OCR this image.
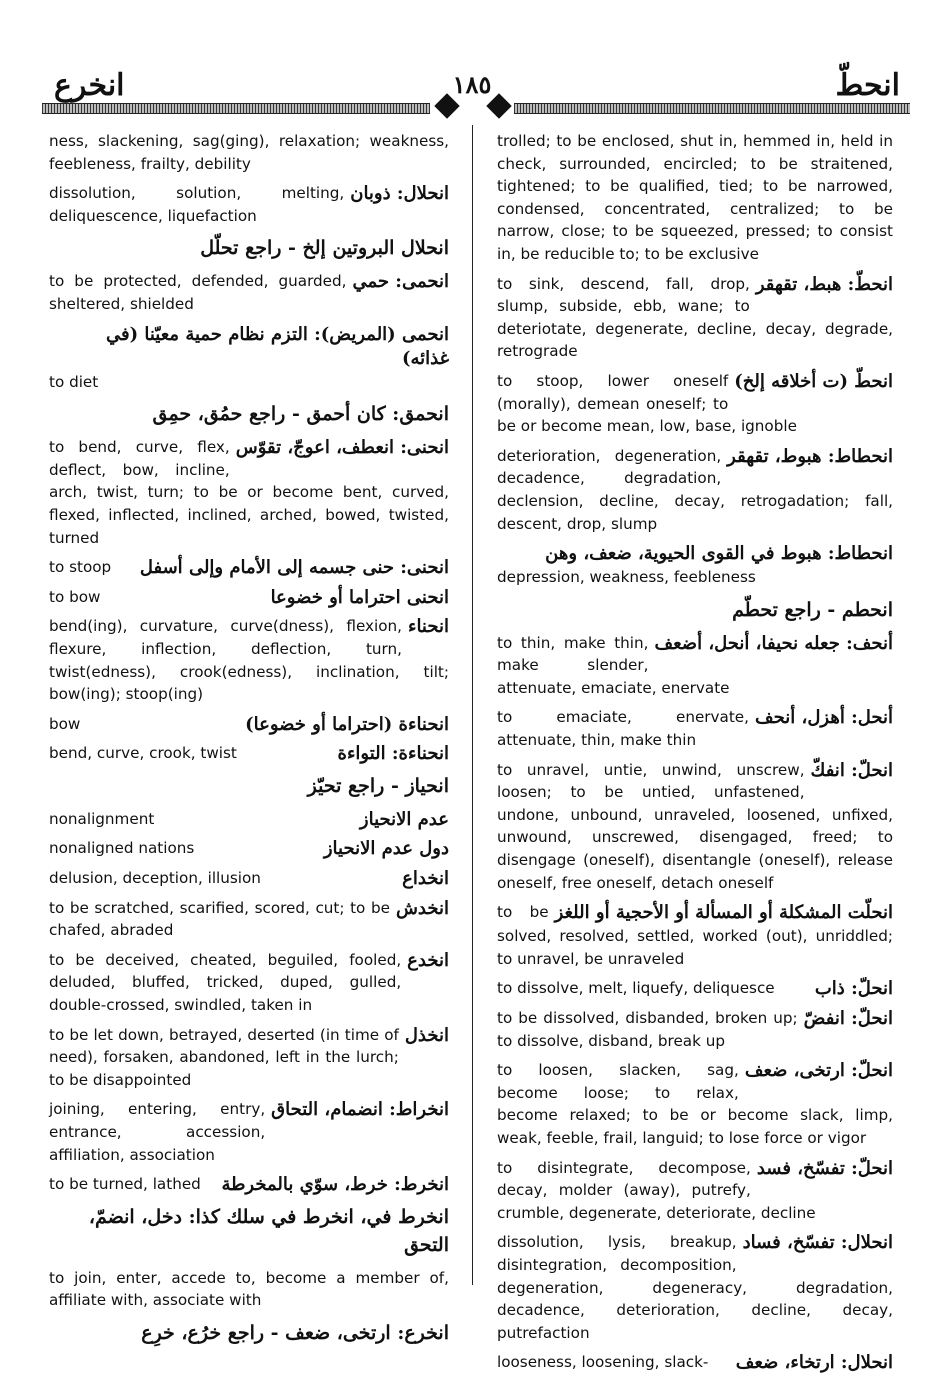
انحطّ
١٨٥
انخرع
ness, slackening, sag(ging), relaxation; weakness, feebleness, frailty, debility
انحلال: ذوبان
dissolution, solution, melting, deliquescence, liquefaction
انحلال البروتين إلخ - راجع تحلّل
انحمى: حمي
to be protected, defended, guarded, sheltered, shielded
انحمى (المريض): التزم نظام حمية معيّنا (في غذائه)
to diet
انحمق: كان أحمق - راجع حمُق، حمِق
انحنى: انعطف، اعوجّ، تقوّس
to bend, curve, flex, deflect, bow, incline, arch, twist, turn; to be or become bent, curved, flexed, inflected, inclined, arched, bowed, twisted, turned
انحنى: حنى جسمه إلى الأمام وإلى أسفل
to stoop
انحنى احتراما أو خضوعا
to bow
انحناء
bend(ing), curvature, curve(dness), flexion, flexure, inflection, deflection, turn, twist(edness), crook(edness), inclination, tilt; bow(ing); stoop(ing)
انحناءة (احتراما أو خضوعا)
bow
انحناءة: التواءة
bend, curve, crook, twist
انحياز - راجع تحيّز
عدم الانحياز
nonalignment
دول عدم الانحياز
nonaligned nations
انخداع
delusion, deception, illusion
انخدش
to be scratched, scarified, scored, cut; to be chafed, abraded
انخدع
to be deceived, cheated, beguiled, fooled, deluded, bluffed, tricked, duped, gulled, double-crossed, swindled, taken in
انخذل
to be let down, betrayed, deserted (in time of need), forsaken, abandoned, left in the lurch; to be disappointed
انخراط: انضمام، التحاق
joining, entering, entry, entrance, accession, affiliation, association
انخرط: خرط، سوّي بالمخرطة
to be turned, lathed
انخرط في، انخرط في سلك كذا: دخل، انضمّ، التحق
to join, enter, accede to, become a member of, affiliate with, associate with
انخرع: ارتخى، ضعف - راجع خرُع، خرِع
trolled; to be enclosed, shut in, hemmed in, held in check, surrounded, encircled; to be straitened, tightened; to be qualified, tied; to be narrowed, condensed, concentrated, centralized; to be narrow, close; to be squeezed, pressed; to consist in, be reducible to; to be exclusive
انحطّ: هبط، تقهقر
to sink, descend, fall, drop, slump, subside, ebb, wane; to deteriotate, degenerate, decline, decay, degrade, retrograde
انحطّ (ت أخلاقه إلخ)
to stoop, lower oneself (morally), demean oneself; to be or become mean, low, base, ignoble
انحطاط: هبوط، تقهقر
deterioration, degeneration, decadence, degradation, declension, decline, decay, retrogadation; fall, descent, drop, slump
انحطاط: هبوط في القوى الحيوية، ضعف، وهن
depression, weakness, feebleness
انحطم - راجع تحطّم
أنحف: جعله نحيفا، أنحل، أضعف
to thin, make thin, make slender, attenuate, emaciate, enervate
أنحل: أهزل، أنحف
to emaciate, enervate, attenuate, thin, make thin
انحلّ: انفكّ
to unravel, untie, unwind, unscrew, loosen; to be untied, unfastened, undone, unbound, unraveled, loosened, unfixed, unwound, unscrewed, disengaged, freed; to disengage (oneself), disentangle (oneself), release oneself, free oneself, detach oneself
انحلّت المشكلة أو المسألة أو الأحجية أو اللغز
to be solved, resolved, settled, worked (out), unriddled; to unravel, be unraveled
انحلّ: ذاب
to dissolve, melt, liquefy, deliquesce
انحلّ: انفضّ
to be dissolved, disbanded, broken up; to dissolve, disband, break up
انحلّ: ارتخى، ضعف
to loosen, slacken, sag, become loose; to relax, become relaxed; to be or become slack, limp, weak, feeble, frail, languid; to lose force or vigor
انحلّ: تفسّخ، فسد
to disintegrate, decompose, decay, molder (away), putrefy, crumble, degenerate, deteriorate, decline
انحلال: تفسّخ، فساد
dissolution, lysis, breakup, disintegration, decomposition, degeneration, degeneracy, degradation, decadence, deterioration, decline, decay, putrefaction
انحلال: ارتخاء، ضعف
looseness, loosening, slack-
